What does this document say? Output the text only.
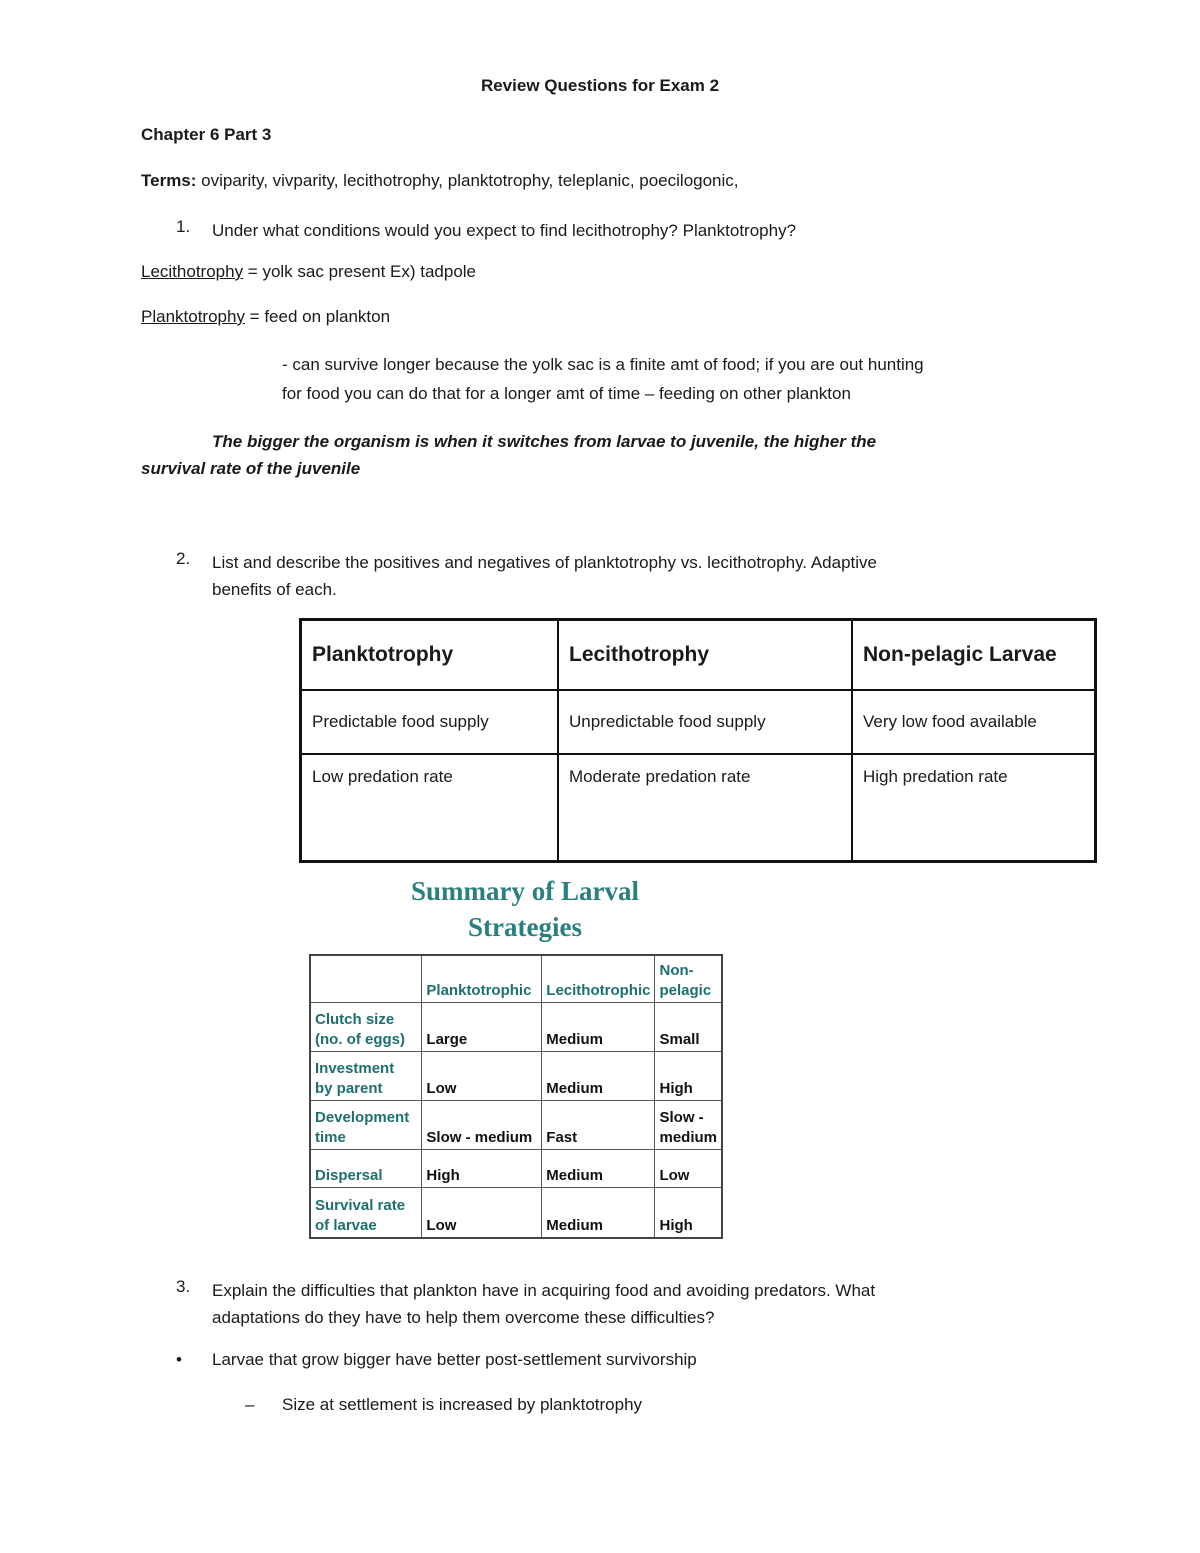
Review Questions for Exam 2
Chapter 6 Part 3
Terms: oviparity, vivparity, lecithotrophy, planktotrophy, teleplanic, poecilogonic,
1. Under what conditions would you expect to find lecithotrophy? Planktotrophy?
Lecithotrophy = yolk sac present Ex) tadpole
Planktotrophy = feed on plankton
- can survive longer because the yolk sac is a finite amt of food; if you are out hunting
for food you can do that for a longer amt of time – feeding on other plankton
The bigger the organism is when it switches from larvae to juvenile, the higher the
survival rate of the juvenile
2. List and describe the positives and negatives of planktotrophy vs. lecithotrophy. Adaptive
benefits of each.
Planktotrophy	Lecithotrophy	Non-pelagic Larvae
Predictable food supply	Unpredictable food supply	Very low food available
Low predation rate	Moderate predation rate	High predation rate
Summary of Larval
Strategies
	Planktotrophic	Lecithotrophic	Non-
pelagic
Clutch size
(no. of eggs)	Large	Medium	Small
Investment
by parent	Low	Medium	High
Development
time	Slow - medium	Fast	Slow -
medium
Dispersal	High	Medium	Low
Survival rate
of larvae	Low	Medium	High
3. Explain the difficulties that plankton have in acquiring food and avoiding predators. What
adaptations do they have to help them overcome these difficulties?
• Larvae that grow bigger have better post-settlement survivorship
– Size at settlement is increased by planktotrophy
